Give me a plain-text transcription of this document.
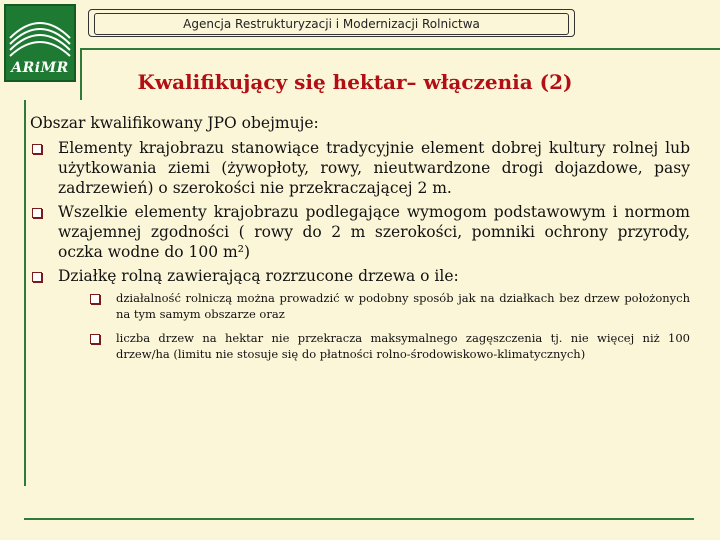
ARiMR
Agencja Restrukturyzacji i Modernizacji Rolnictwa
Kwalifikujący się hektar– włączenia (2)

Obszar kwalifikowany JPO obejmuje:

Elementy krajobrazu stanowiące tradycyjnie element dobrej kultury rolnej lub użytkowania ziemi (żywopłoty, rowy, nieutwardzone drogi dojazdowe, pasy zadrzewień) o szerokości nie przekraczającej 2 m.
Wszelkie elementy krajobrazu podlegające wymogom podstawowym i normom wzajemnej zgodności ( rowy do 2 m szerokości, pomniki ochrony przyrody, oczka wodne do 100 m²)
Działkę rolną zawierającą rozrzucone drzewa o ile:
działalność rolniczą można prowadzić w podobny sposób jak na działkach bez drzew położonych na tym samym obszarze oraz
liczba drzew na hektar nie przekracza maksymalnego zagęszczenia tj. nie więcej niż 100 drzew/ha (limitu nie stosuje się do płatności rolno-środowiskowo-klimatycznych)
